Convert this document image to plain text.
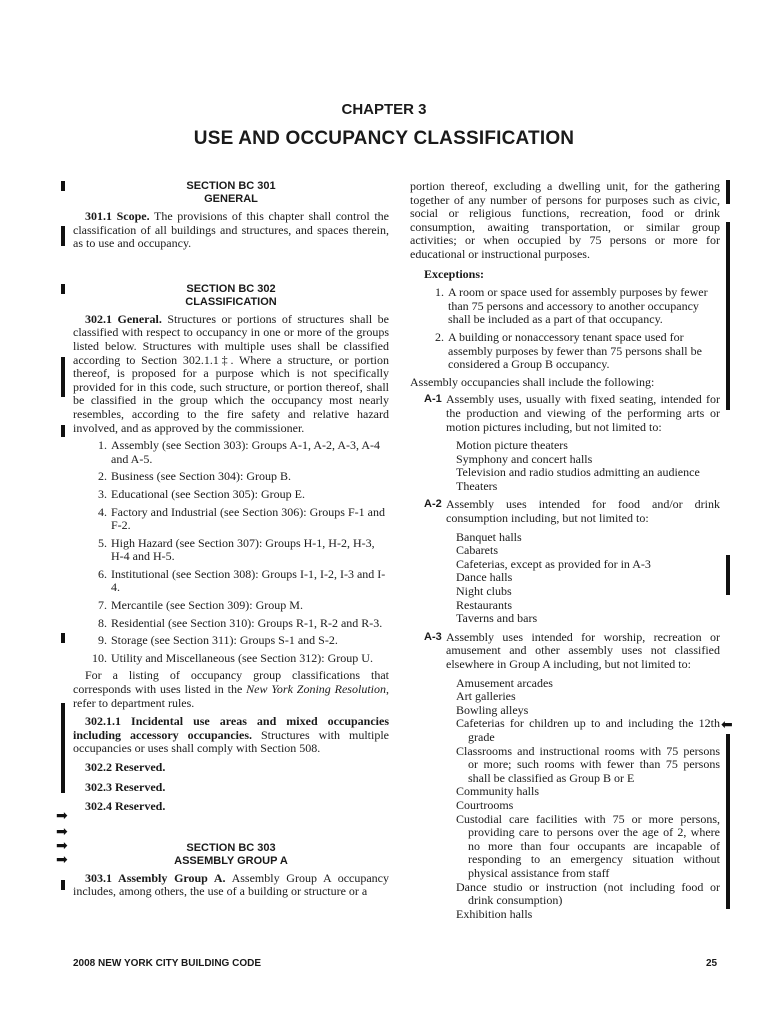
CHAPTER 3
USE AND OCCUPANCY CLASSIFICATION

SECTION BC 301

GENERAL

301.1 Scope. The provisions of this chapter shall control the classification of all buildings and structures, and spaces therein, as to use and occupancy.

SECTION BC 302

CLASSIFICATION

302.1 General. Structures or portions of structures shall be classified with respect to occupancy in one or more of the groups listed below. Structures with multiple uses shall be classified according to Section 302.1.1‡. Where a structure, or portion thereof, is proposed for a purpose which is not specifically provided for in this code, such structure, or portion thereof, shall be classified in the group which the occupancy most nearly resembles, according to the fire safety and relative hazard involved, and as approved by the commissioner.

1. Assembly (see Section 303): Groups A-1, A-2, A-3, A-4 and A-5.
2. Business (see Section 304): Group B.
3. Educational (see Section 305): Group E.
4. Factory and Industrial (see Section 306): Groups F-1 and F-2.
5. High Hazard (see Section 307): Groups H-1, H-2, H-3, H-4 and H-5.
6. Institutional (see Section 308): Groups I-1, I-2, I-3 and I-4.
7. Mercantile (see Section 309): Group M.
8. Residential (see Section 310): Groups R-1, R-2 and R-3.
9. Storage (see Section 311): Groups S-1 and S-2.
10. Utility and Miscellaneous (see Section 312): Group U.

For a listing of occupancy group classifications that corresponds with uses listed in the New York Zoning Resolution, refer to department rules.

302.1.1 Incidental use areas and mixed occupancies including accessory occupancies. Structures with multiple occupancies or uses shall comply with Section 508.

302.2 Reserved.

302.3 Reserved.

302.4 Reserved.

SECTION BC 303

ASSEMBLY GROUP A

303.1 Assembly Group A. Assembly Group A occupancy includes, among others, the use of a building or structure or a

portion thereof, excluding a dwelling unit, for the gathering together of any number of persons for purposes such as civic, social or religious functions, recreation, food or drink consumption, awaiting transportation, or similar group activities; or when occupied by 75 persons or more for educational or instructional purposes.

Exceptions:

1. A room or space used for assembly purposes by fewer than 75 persons and accessory to another occupancy shall be included as a part of that occupancy.
2. A building or nonaccessory tenant space used for assembly purposes by fewer than 75 persons shall be considered a Group B occupancy.

Assembly occupancies shall include the following:

A-1 Assembly uses, usually with fixed seating, intended for the production and viewing of the performing arts or motion pictures including, but not limited to:

Motion picture theaters
Symphony and concert halls
Television and radio studios admitting an audience
Theaters

A-2 Assembly uses intended for food and/or drink consumption including, but not limited to:

Banquet halls
Cabarets
Cafeterias, except as provided for in A-3
Dance halls
Night clubs
Restaurants
Taverns and bars

A-3 Assembly uses intended for worship, recreation or amusement and other assembly uses not classified elsewhere in Group A including, but not limited to:

Amusement arcades
Art galleries
Bowling alleys
Cafeterias for children up to and including the 12th grade
Classrooms and instructional rooms with 75 persons or more; such rooms with fewer than 75 persons shall be classified as Group B or E
Community halls
Courtrooms
Custodial care facilities with 75 or more persons, providing care to persons over the age of 2, where no more than four occupants are incapable of responding to an emergency situation without physical assistance from staff
Dance studio or instruction (not including food or drink consumption)
Exhibition halls
➡
➡
➡
➡
⬅
2008 NEW YORK CITY BUILDING CODE	25
